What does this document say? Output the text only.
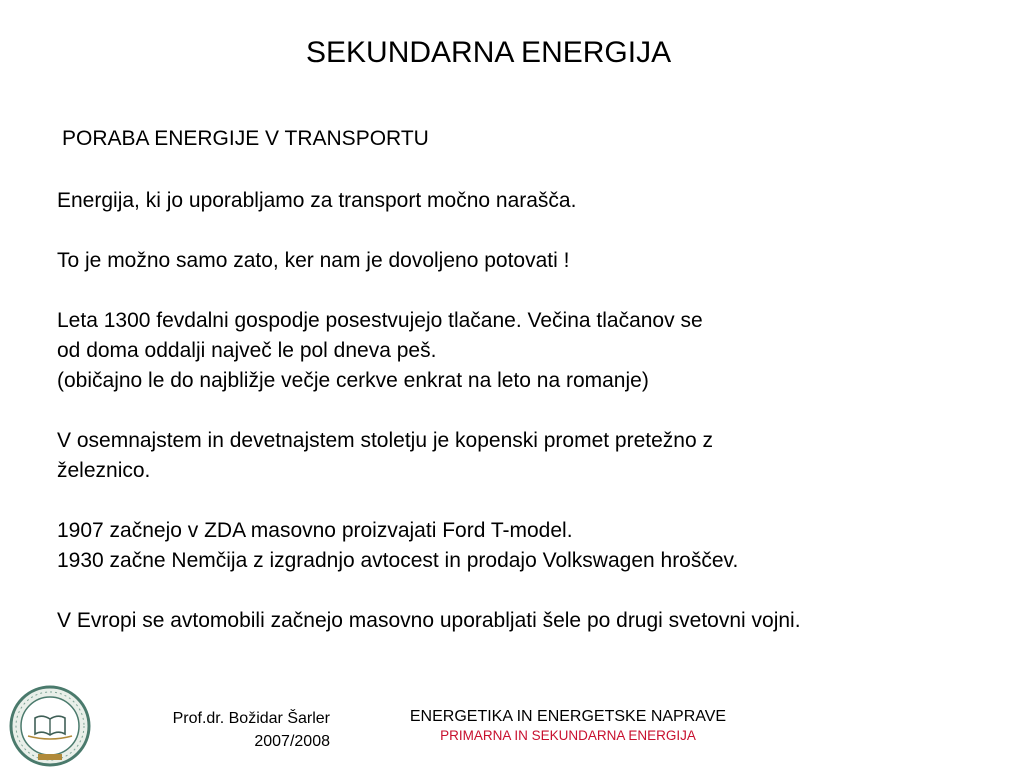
SEKUNDARNA ENERGIJA
PORABA ENERGIJE V TRANSPORTU

Energija, ki jo uporabljamo za transport močno narašča.

To je možno samo zato, ker nam je dovoljeno potovati !

Leta 1300 fevdalni gospodje posestvujejo tlačane. Večina tlačanov se
od doma oddalji največ le pol dneva peš.
(običajno le do najbližje večje cerkve enkrat na leto na romanje)

V osemnajstem in devetnajstem stoletju je kopenski promet pretežno z
železnico.

1907 začnejo v ZDA masovno proizvajati Ford T-model.
1930 začne Nemčija z izgradnjo avtocest in prodajo Volkswagen hroščev.

V Evropi se avtomobili začnejo masovno uporabljati šele po drugi svetovni vojni.

Prof.dr. Božidar Šarler
2007/2008
ENERGETIKA IN ENERGETSKE NAPRAVE
PRIMARNA IN SEKUNDARNA ENERGIJA
